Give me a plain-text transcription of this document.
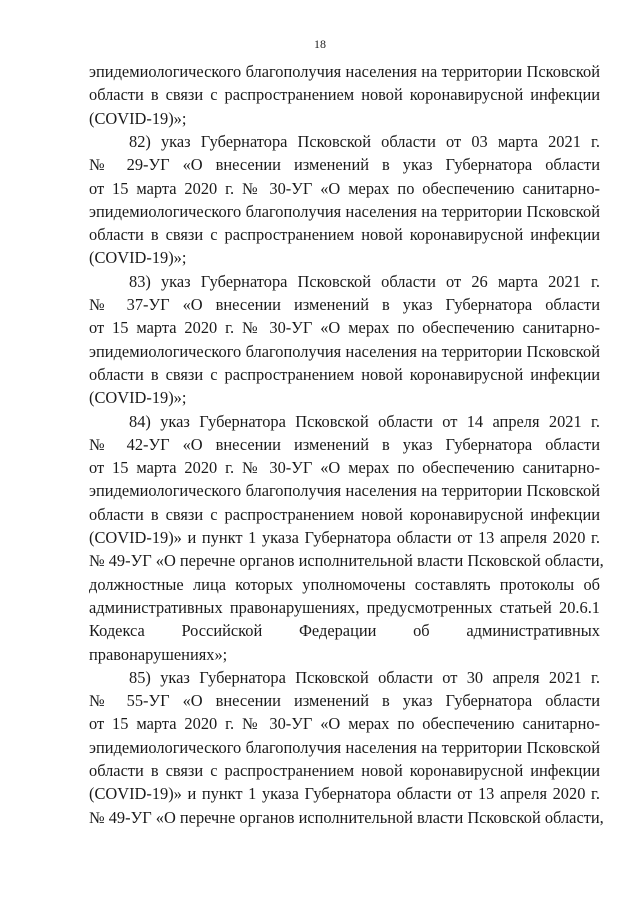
18
эпидемиологического благополучия населения на территории Псковской
области в связи с распространением новой коронавирусной инфекции
(COVID-19)»;
82) указ Губернатора Псковской области от 03 марта 2021 г.
№ 29-УГ «О внесении изменений в указ Губернатора области
от 15 марта 2020 г. № 30-УГ «О мерах по обеспечению санитарно-
эпидемиологического благополучия населения на территории Псковской
области в связи с распространением новой коронавирусной инфекции
(COVID-19)»;
83) указ Губернатора Псковской области от 26 марта 2021 г.
№ 37-УГ «О внесении изменений в указ Губернатора области
от 15 марта 2020 г. № 30-УГ «О мерах по обеспечению санитарно-
эпидемиологического благополучия населения на территории Псковской
области в связи с распространением новой коронавирусной инфекции
(COVID-19)»;
84) указ Губернатора Псковской области от 14 апреля 2021 г.
№ 42-УГ «О внесении изменений в указ Губернатора области
от 15 марта 2020 г. № 30-УГ «О мерах по обеспечению санитарно-
эпидемиологического благополучия населения на территории Псковской
области в связи с распространением новой коронавирусной инфекции
(COVID-19)» и пункт 1 указа Губернатора области от 13 апреля 2020 г.
№ 49-УГ «О перечне органов исполнительной власти Псковской области,
должностные лица которых уполномочены составлять протоколы об
административных правонарушениях, предусмотренных статьей 20.6.1
Кодекса Российской Федерации об административных
правонарушениях»;
85) указ Губернатора Псковской области от 30 апреля 2021 г.
№ 55-УГ «О внесении изменений в указ Губернатора области
от 15 марта 2020 г. № 30-УГ «О мерах по обеспечению санитарно-
эпидемиологического благополучия населения на территории Псковской
области в связи с распространением новой коронавирусной инфекции
(COVID-19)» и пункт 1 указа Губернатора области от 13 апреля 2020 г.
№ 49-УГ «О перечне органов исполнительной власти Псковской области,
